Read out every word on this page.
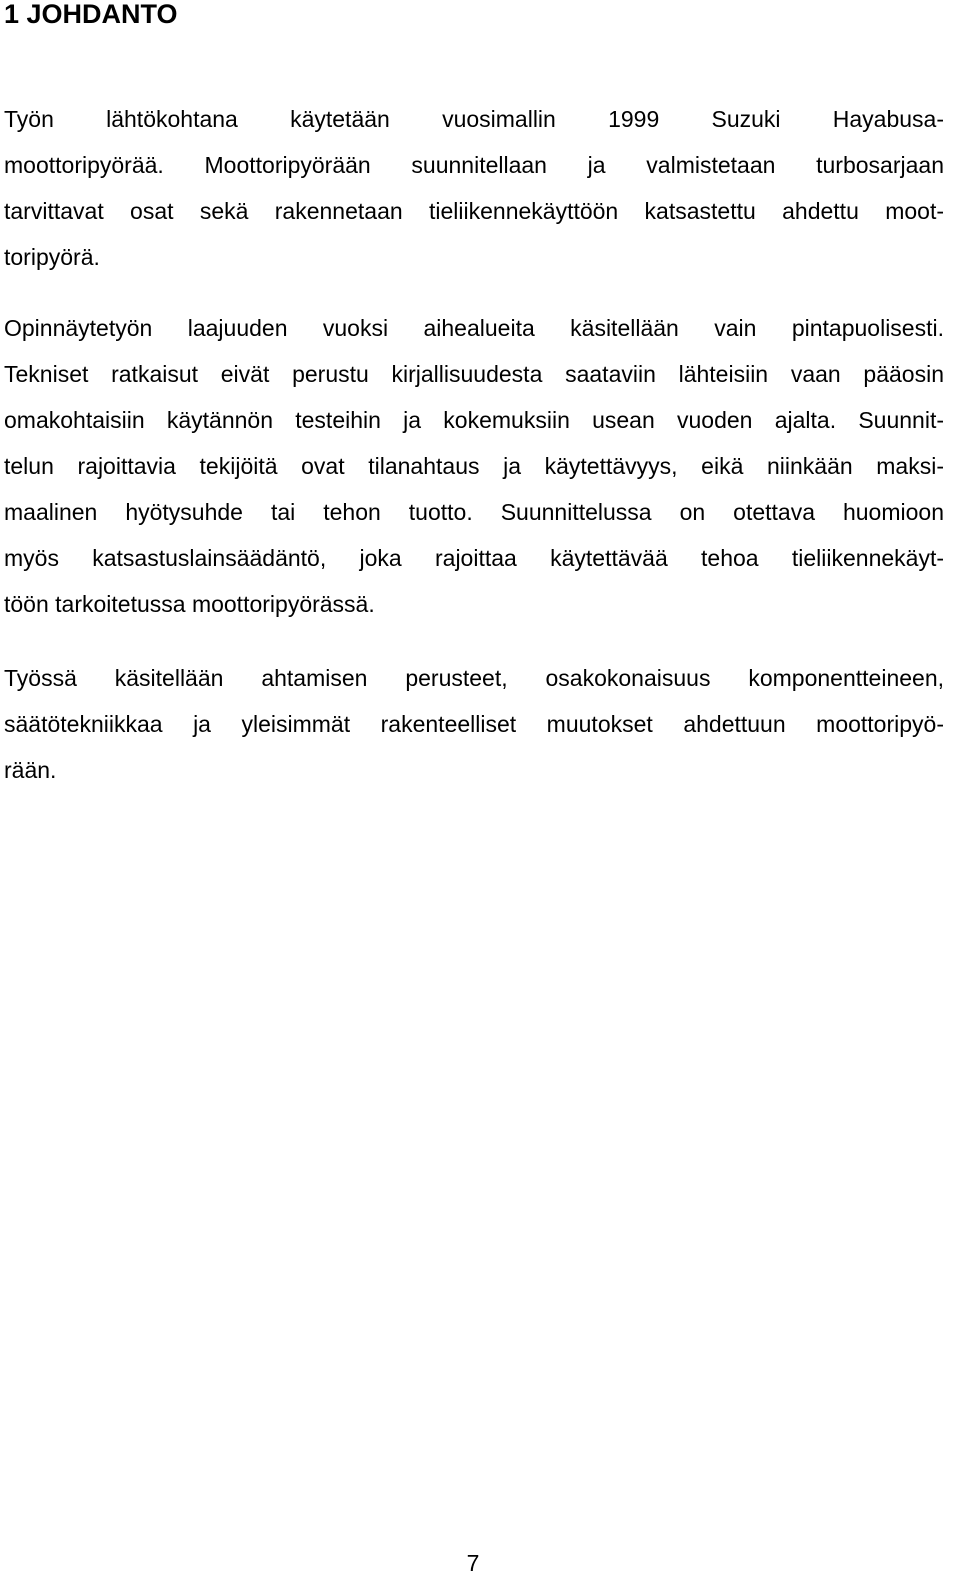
1 JOHDANTO
Työn lähtökohtana käytetään vuosimallin 1999 Suzuki Hayabusa-
moottoripyörää. Moottoripyörään suunnitellaan ja valmistetaan turbosarjaan
tarvittavat osat sekä rakennetaan tieliikennekäyttöön katsastettu ahdettu moot-
toripyörä.
Opinnäytetyön laajuuden vuoksi aihealueita käsitellään vain pintapuolisesti.
Tekniset ratkaisut eivät perustu kirjallisuudesta saataviin lähteisiin vaan pääosin
omakohtaisiin käytännön testeihin ja kokemuksiin usean vuoden ajalta. Suunnit-
telun rajoittavia tekijöitä ovat tilanahtaus ja käytettävyys, eikä niinkään maksi-
maalinen hyötysuhde tai tehon tuotto. Suunnittelussa on otettava huomioon
myös katsastuslainsäädäntö, joka rajoittaa käytettävää tehoa tieliikennekäyt-
töön tarkoitetussa moottoripyörässä.
Työssä käsitellään ahtamisen perusteet, osakokonaisuus komponentteineen,
säätötekniikkaa ja yleisimmät rakenteelliset muutokset ahdettuun moottoripyö-
rään.
7
